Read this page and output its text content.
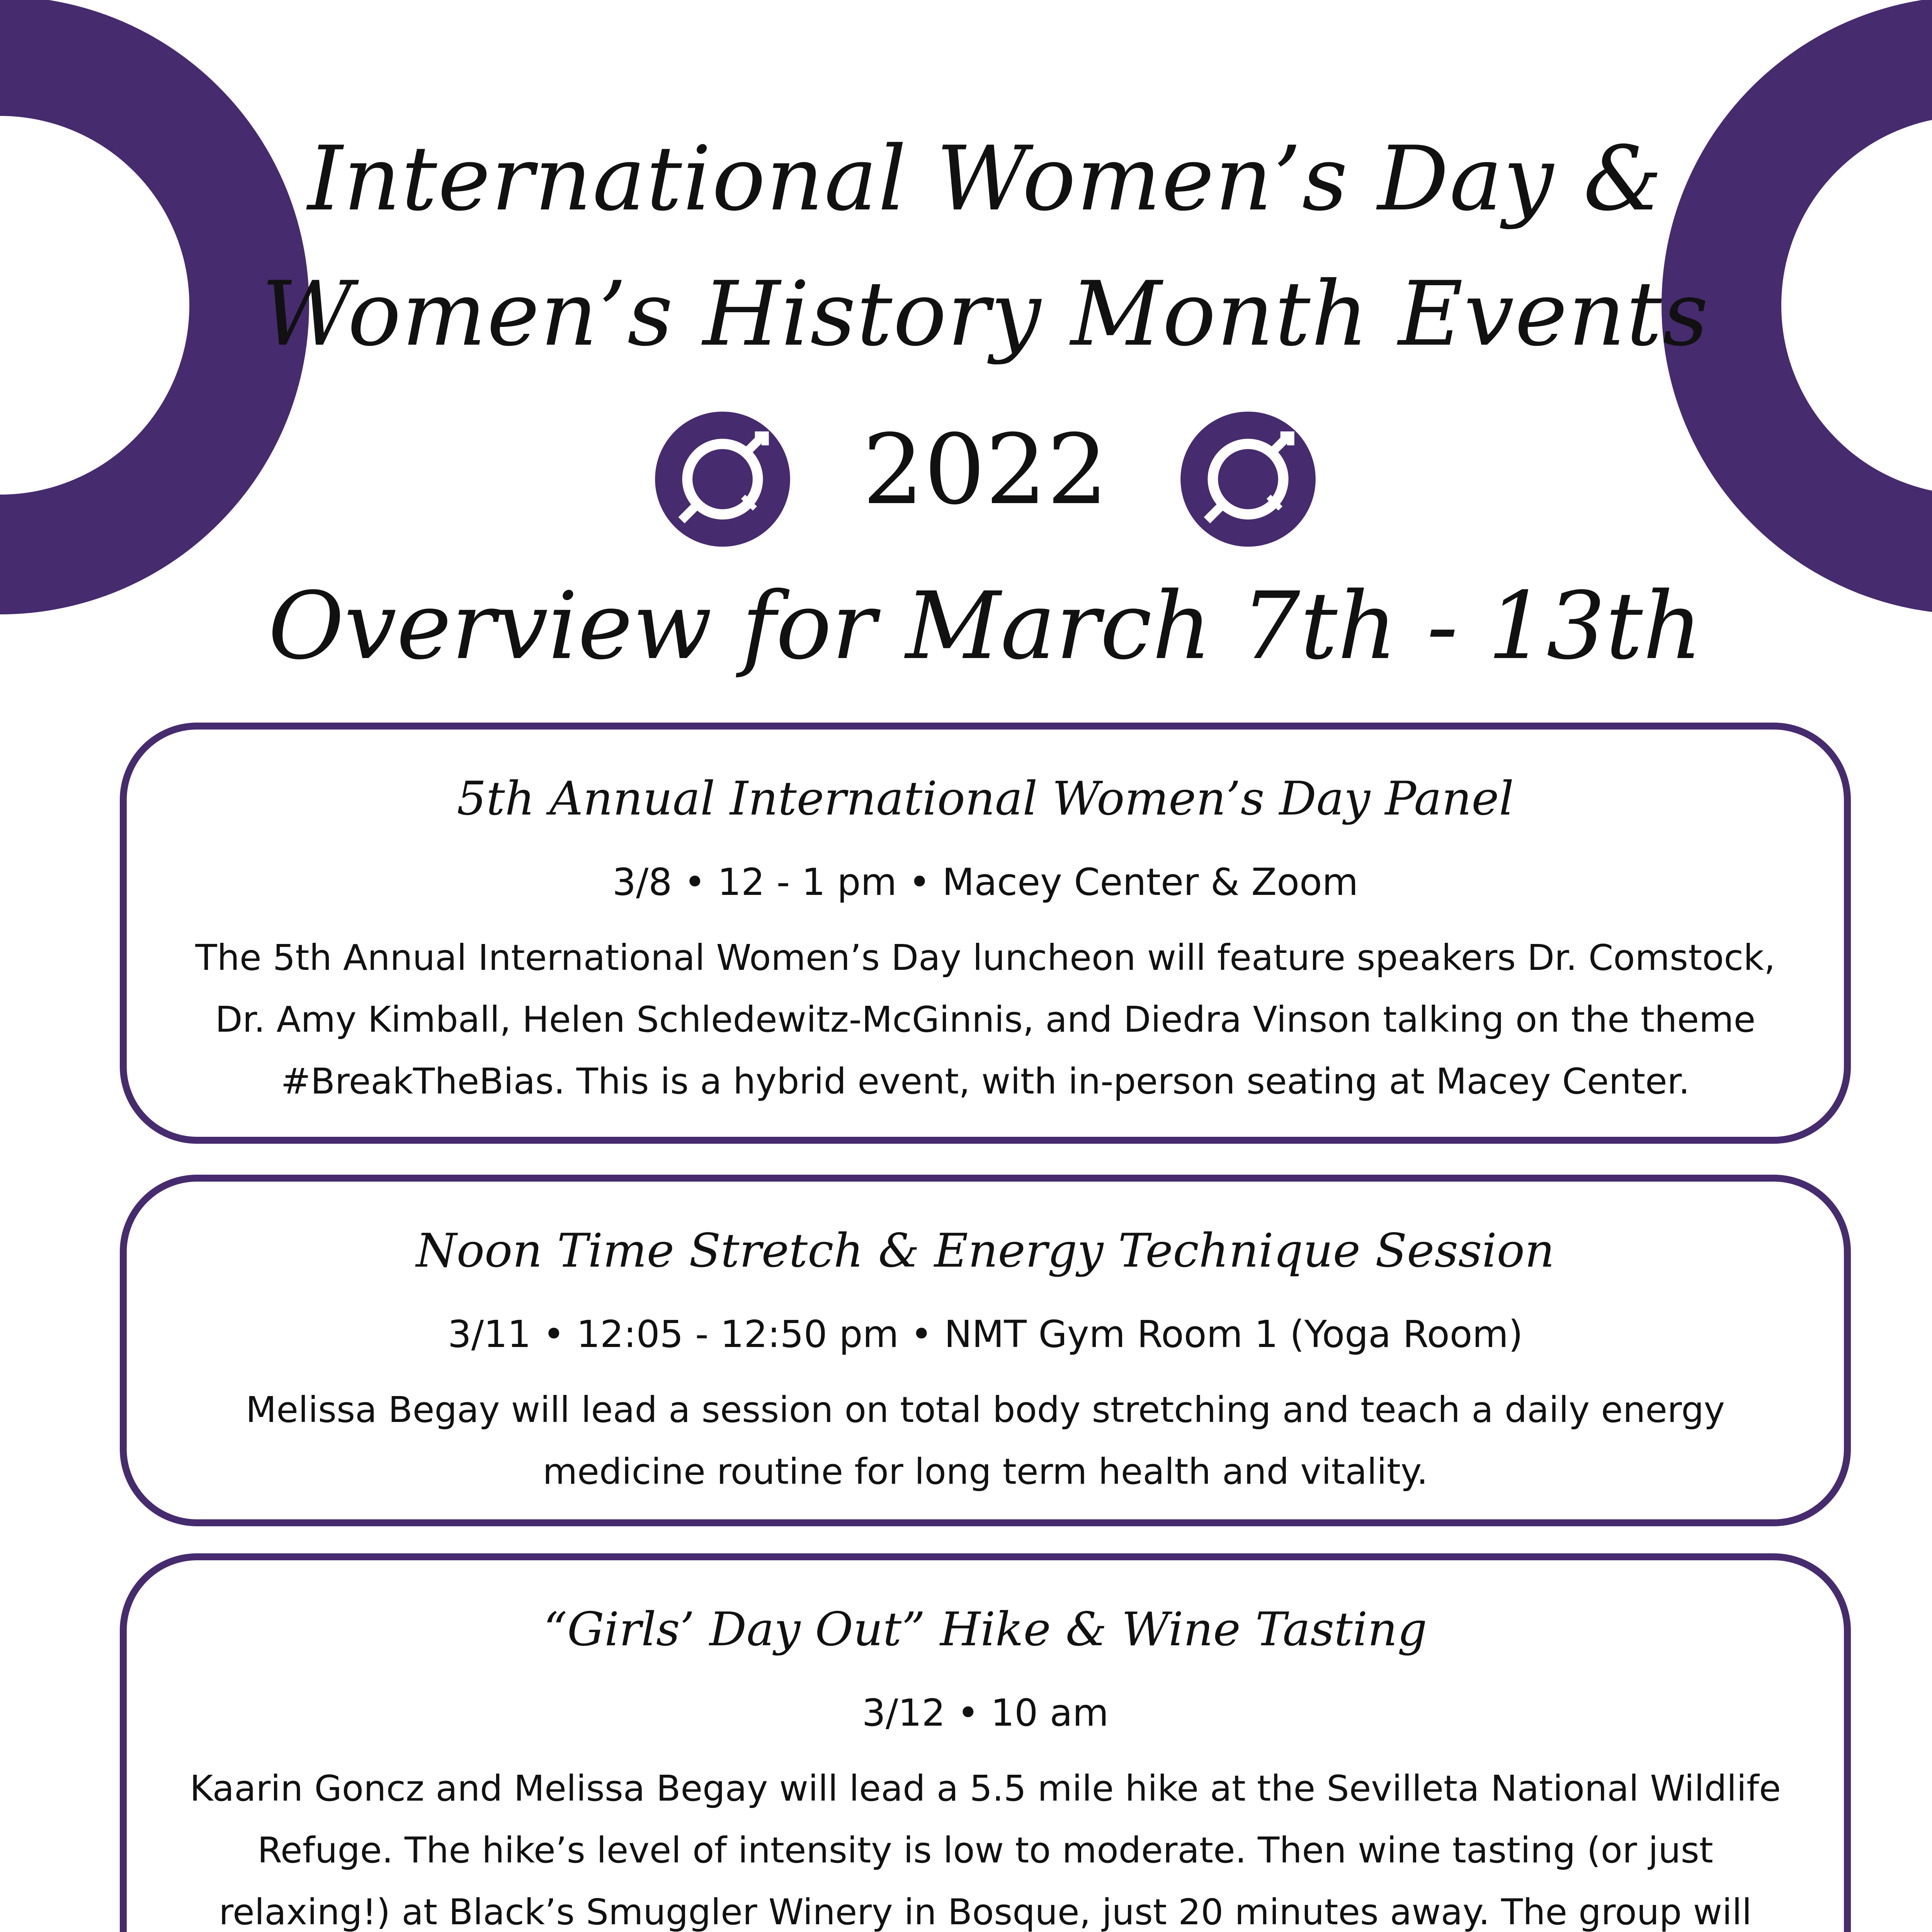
International Women’s Day &
Women’s History Month Events
2022
Overview for March 7th - 13th
5th Annual International Women’s Day Panel
3/8 • 12 - 1 pm • Macey Center & Zoom
The 5th Annual International Women’s Day luncheon will feature speakers Dr. Comstock, Dr. Amy Kimball, Helen Schledewitz-McGinnis, and Diedra Vinson talking on the theme #BreakTheBias. This is a hybrid event, with in-person seating at Macey Center.
Noon Time Stretch & Energy Technique Session
3/11 • 12:05 - 12:50 pm • NMT Gym Room 1 (Yoga Room)
Melissa Begay will lead a session on total body stretching and teach a daily energy medicine routine for long term health and vitality.
“Girls’ Day Out” Hike & Wine Tasting
3/12 • 10 am
Kaarin Goncz and Melissa Begay will lead a 5.5 mile hike at the Sevilleta National Wildlife Refuge. The hike’s level of intensity is low to moderate. Then wine tasting (or just relaxing!) at Black’s Smuggler Winery in Bosque, just 20 minutes away. The group will
